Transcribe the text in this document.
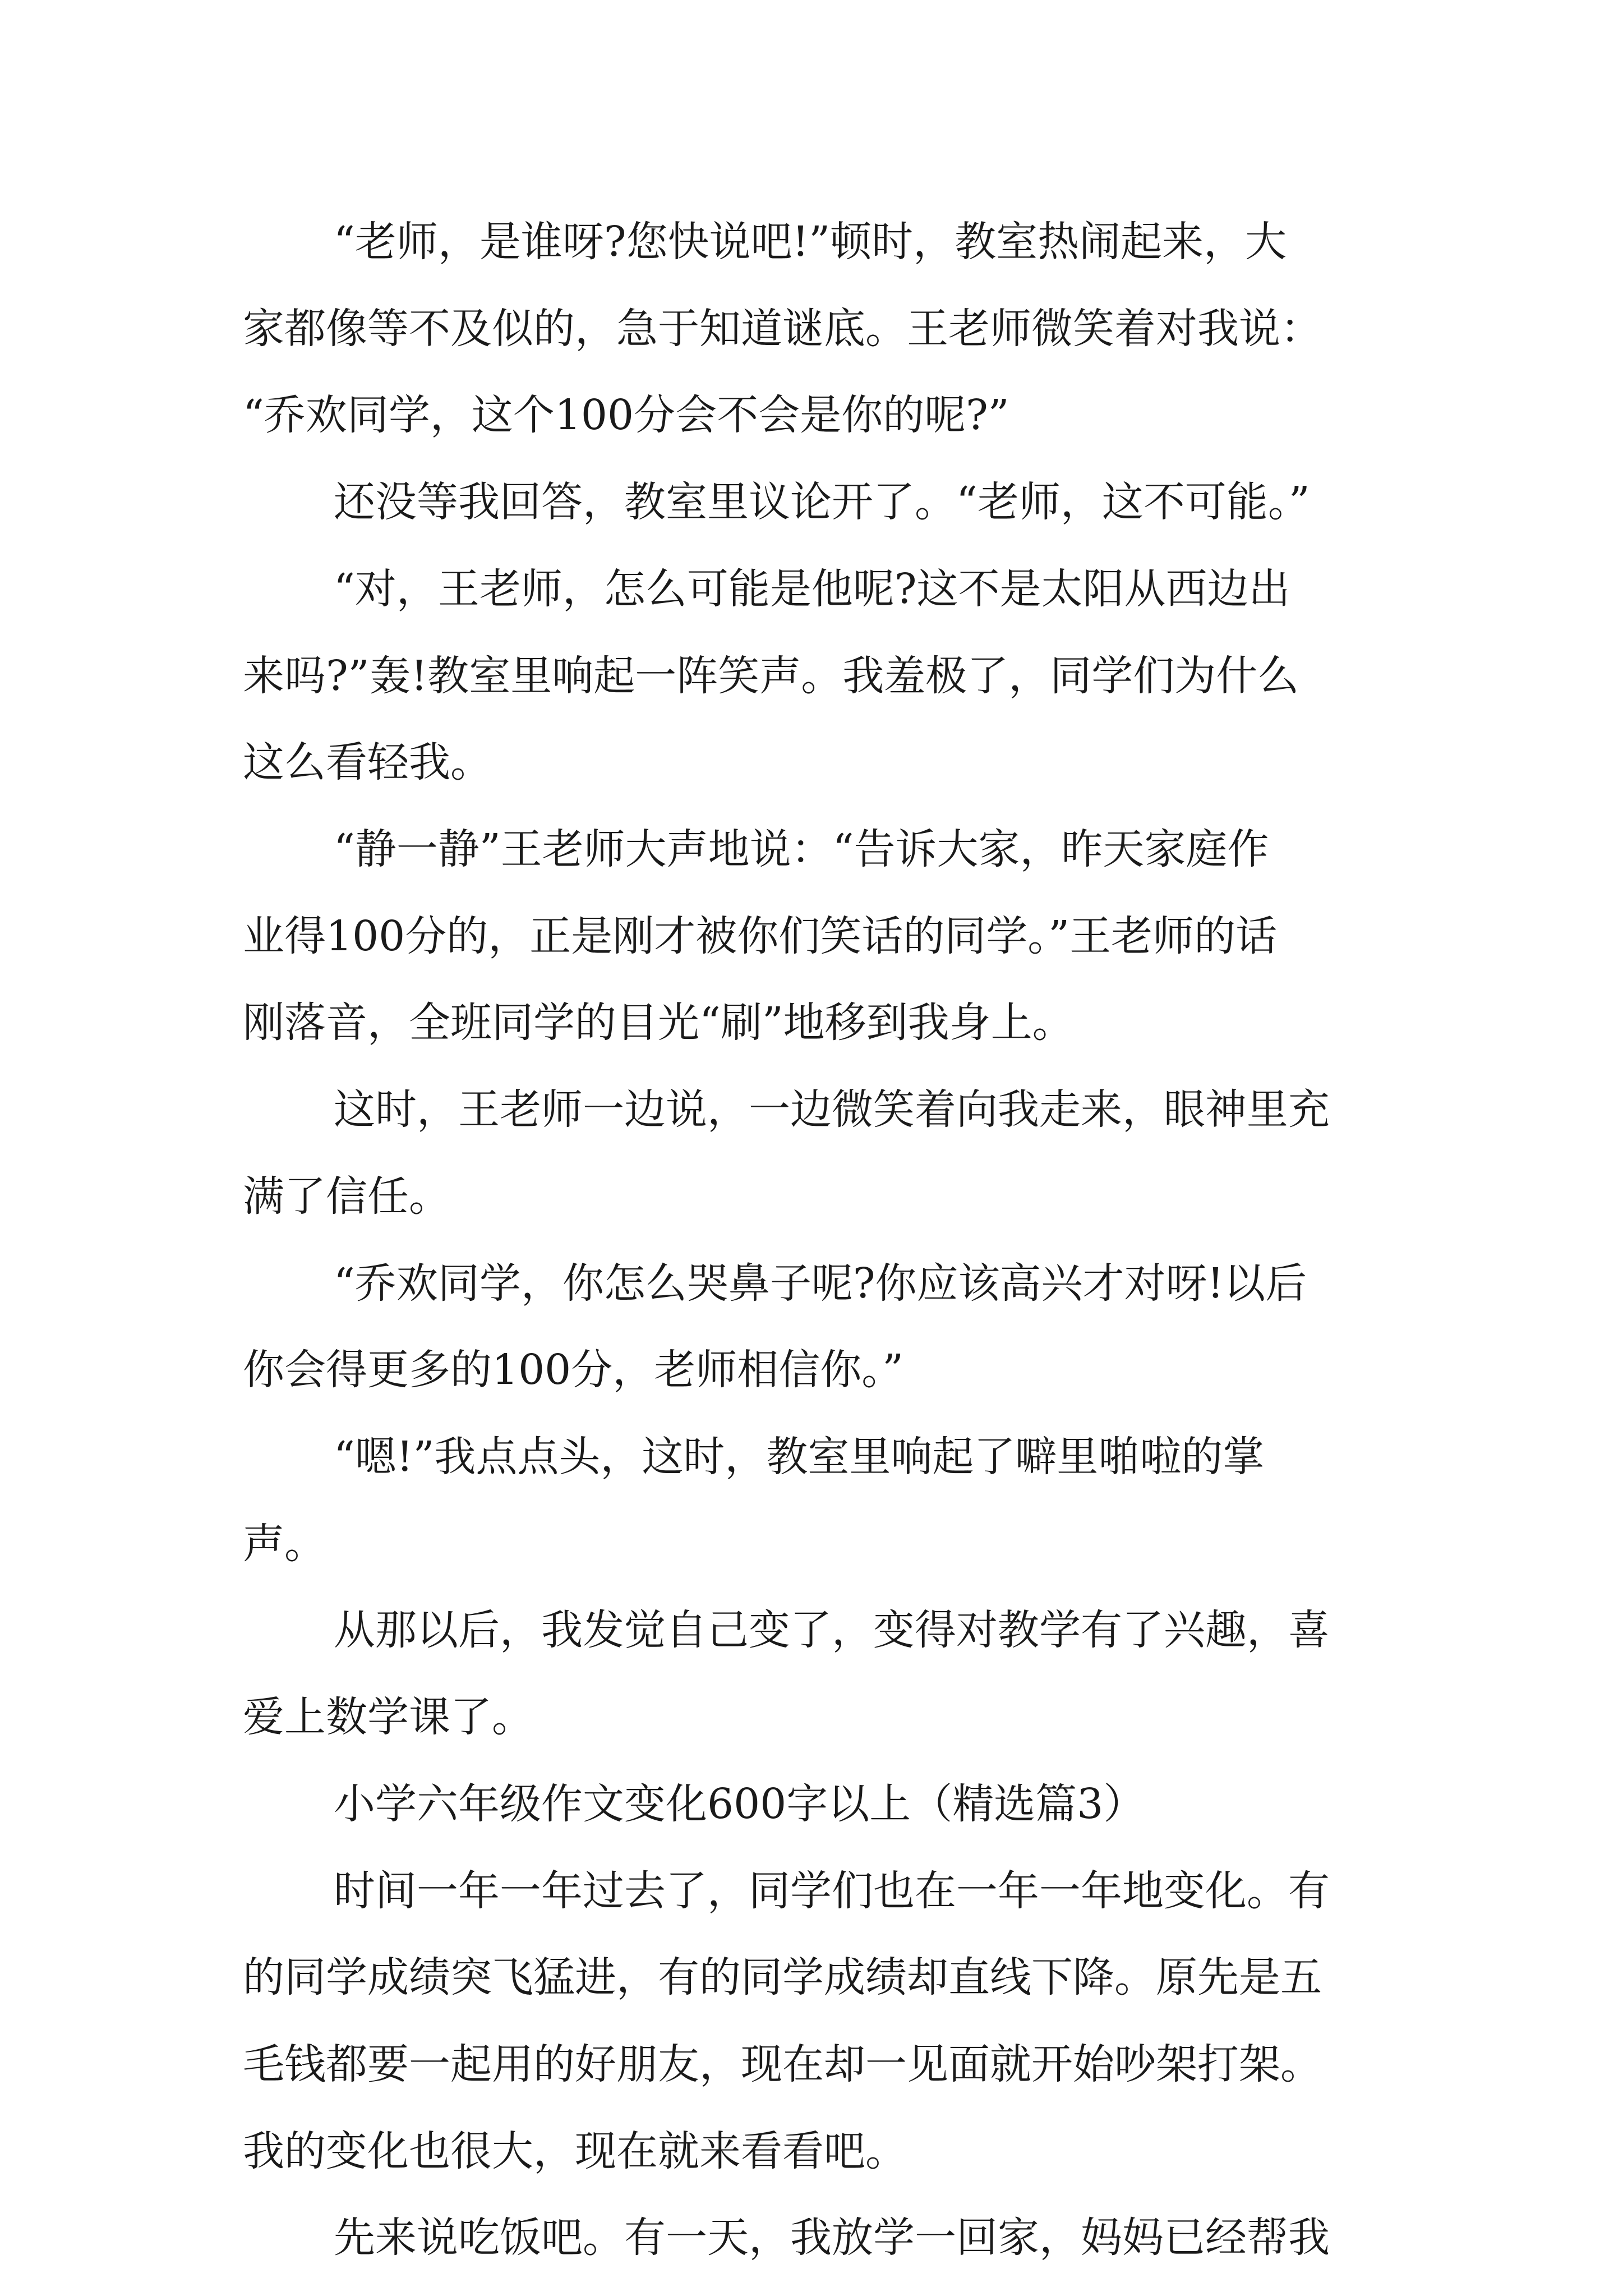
“老师，是谁呀?您快说吧!”顿时，教室热闹起来，大
家都像等不及似的，急于知道谜底。王老师微笑着对我说：
“乔欢同学，这个100分会不会是你的呢?”
还没等我回答，教室里议论开了。“老师，这不可能。”
“对，王老师，怎么可能是他呢?这不是太阳从西边出
来吗?”轰!教室里响起一阵笑声。我羞极了，同学们为什么
这么看轻我。
“静一静”王老师大声地说：“告诉大家，昨天家庭作
业得100分的，正是刚才被你们笑话的同学。”王老师的话
刚落音，全班同学的目光“刷”地移到我身上。
这时，王老师一边说，一边微笑着向我走来，眼神里充
满了信任。
“乔欢同学，你怎么哭鼻子呢?你应该高兴才对呀!以后
你会得更多的100分，老师相信你。”
“嗯!”我点点头，这时，教室里响起了噼里啪啦的掌
声。
从那以后，我发觉自己变了，变得对教学有了兴趣，喜
爱上数学课了。
小学六年级作文变化600字以上（精选篇3）
时间一年一年过去了，同学们也在一年一年地变化。有
的同学成绩突飞猛进，有的同学成绩却直线下降。原先是五
毛钱都要一起用的好朋友，现在却一见面就开始吵架打架。
我的变化也很大，现在就来看看吧。
先来说吃饭吧。有一天，我放学一回家，妈妈已经帮我
